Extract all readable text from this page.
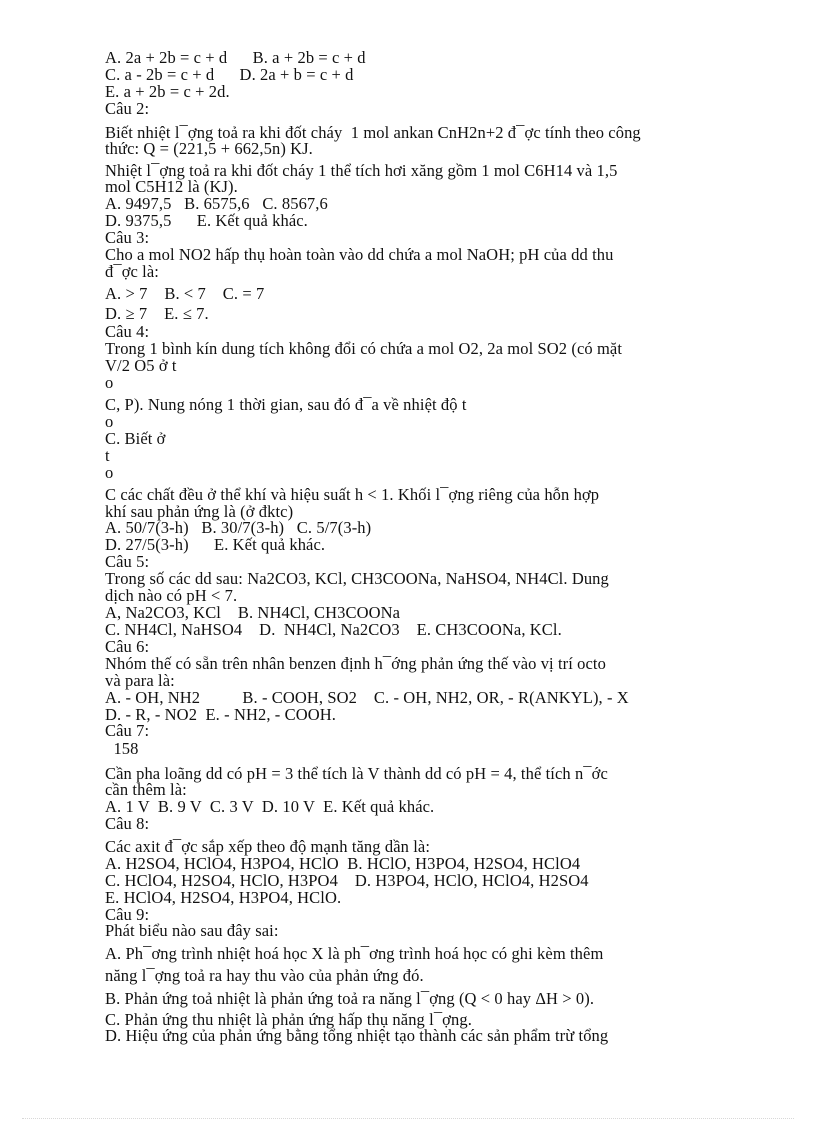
A. 2a + 2b = c + d      B. a + 2b = c + d
C. a - 2b = c + d      D. 2a + b = c + d
E. a + 2b = c + 2d.
Câu 2:
Biết nhiệt l¯ợng toả ra khi đốt cháy  1 mol ankan CnH2n+2 đ¯ợc tính theo công
thức: Q = (221,5 + 662,5n) KJ.
Nhiệt l¯ợng toả ra khi đốt cháy 1 thể tích hơi xăng gồm 1 mol C6H14 và 1,5
mol C5H12 là (KJ).
A. 9497,5   B. 6575,6   C. 8567,6
D. 9375,5      E. Kết quả khác.
Câu 3:
Cho a mol NO2 hấp thụ hoàn toàn vào dd chứa a mol NaOH; pH của dd thu
đ¯ợc là:
A. > 7    B. < 7    C. = 7
D. ≥ 7    E. ≤ 7.
Câu 4:
Trong 1 bình kín dung tích không đổi có chứa a mol O2, 2a mol SO2 (có mặt
V/2 O5 ở t
o
C, P). Nung nóng 1 thời gian, sau đó đ¯a về nhiệt độ t
o
C. Biết ở
t
o
C các chất đều ở thể khí và hiệu suất h < 1. Khối l¯ợng riêng của hỗn hợp
khí sau phản ứng là (ở đktc)
A. 50/7(3-h)   B. 30/7(3-h)   C. 5/7(3-h)
D. 27/5(3-h)      E. Kết quả khác.
Câu 5:
Trong số các dd sau: Na2CO3, KCl, CH3COONa, NaHSO4, NH4Cl. Dung
dịch nào có pH < 7.
A, Na2CO3, KCl    B. NH4Cl, CH3COONa
C. NH4Cl, NaHSO4    D.  NH4Cl, Na2CO3    E. CH3COONa, KCl.
Câu 6:
Nhóm thế có sẵn trên nhân benzen định h¯ớng phản ứng thế vào vị trí octo
và para là:
A. - OH, NH2          B. - COOH, SO2    C. - OH, NH2, OR, - R(ANKYL), - X
D. - R, - NO2  E. - NH2, - COOH.
Câu 7:
158
Cần pha loãng dd có pH = 3 thể tích là V thành dd có pH = 4, thể tích n¯ớc
cần thêm là:
A. 1 V  B. 9 V  C. 3 V  D. 10 V  E. Kết quả khác.
Câu 8:
Các axit đ¯ợc sắp xếp theo độ mạnh tăng dần là:
A. H2SO4, HClO4, H3PO4, HClO  B. HClO, H3PO4, H2SO4, HClO4
C. HClO4, H2SO4, HClO, H3PO4    D. H3PO4, HClO, HClO4, H2SO4
E. HClO4, H2SO4, H3PO4, HClO.
Câu 9:
Phát biểu nào sau đây sai:
A. Ph¯ơng trình nhiệt hoá học X là ph¯ơng trình hoá học có ghi kèm thêm
năng l¯ợng toả ra hay thu vào của phản ứng đó.
B. Phản ứng toả nhiệt là phản ứng toả ra năng l¯ợng (Q < 0 hay ΔH > 0).
C. Phản ứng thu nhiệt là phản ứng hấp thụ năng l¯ợng.
D. Hiệu ứng của phản ứng bằng tổng nhiệt tạo thành các sản phẩm trừ tổng
